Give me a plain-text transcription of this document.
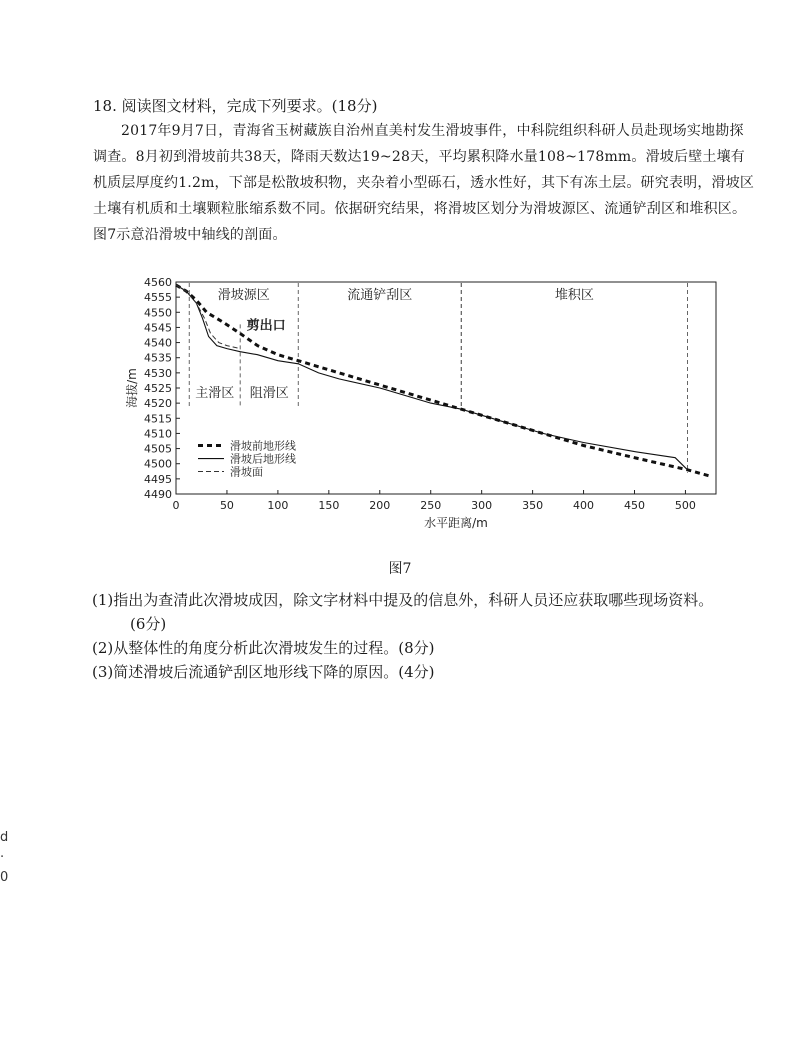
18. 阅读图文材料，完成下列要求。(18分)

2017年9月7日，青海省玉树藏族自治州直美村发生滑坡事件，中科院组织科研人员赴现场实地勘探调查。8月初到滑坡前共38天，降雨天数达19~28天，平均累积降水量108~178mm。滑坡后壁土壤有机质层厚度约1.2m，下部是松散坡积物，夹杂着小型砾石，透水性好，其下有冻土层。研究表明，滑坡区土壤有机质和土壤颗粒胀缩系数不同。依据研究结果，将滑坡区划分为滑坡源区、流通铲刮区和堆积区。图7示意沿滑坡中轴线的剖面。

4490
4495
4500
4505
4510
4515
4520
4525
4530
4535
4540
4545
4550
4555
4560
0	50	100	150	200	250	300	350	400	450	500
水平距离/m
海拔/m
滑坡源区	流通铲刮区	堆积区
主滑区 阻滑区
剪出口
滑坡前地形线
滑坡后地形线
滑坡面
图7

(1)指出为查清此次滑坡成因，除文字材料中提及的信息外，科研人员还应获取哪些现场资料。

(6分)

(2)从整体性的角度分析此次滑坡发生的过程。(8分)

(3)简述滑坡后流通铲刮区地形线下降的原因。(4分)

d
·
0
